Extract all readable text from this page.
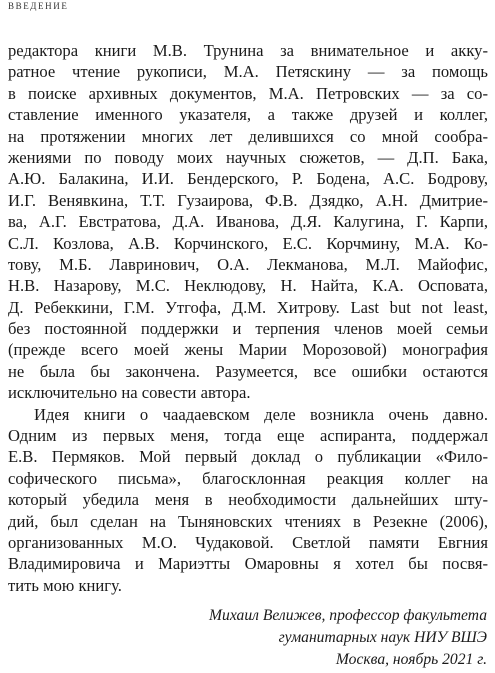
ВВЕДЕНИЕ
редактора книги М.В. Трунина за внимательное и акку-
ратное чтение рукописи, М.А. Петяскину — за помощь
в поиске архивных документов, М.А. Петровских — за со-
ставление именного указателя, а также друзей и коллег,
на протяжении многих лет делившихся со мной сообра-
жениями по поводу моих научных сюжетов, — Д.П. Бака,
А.Ю. Балакина, И.И. Бендерского, Р. Бодена, А.С. Бодрову,
И.Г. Венявкина, Т.Т. Гузаирова, Ф.В. Дзядко, А.Н. Дмитрие-
ва, А.Г. Евстратова, Д.А. Иванова, Д.Я. Калугина, Г. Карпи,
С.Л. Козлова, А.В. Корчинского, Е.С. Корчмину, М.А. Ко-
тову, М.Б. Лавринович, О.А. Лекманова, М.Л. Майофис,
Н.В. Назарову, М.С. Неклюдову, Н. Найта, К.А. Осповата,
Д. Ребеккини, Г.М. Утгофа, Д.М. Хитрову. Last but not least,
без постоянной поддержки и терпения членов моей семьи
(прежде всего моей жены Марии Морозовой) монография
не была бы закончена. Разумеется, все ошибки остаются
исключительно на совести автора.
Идея книги о чаадаевском деле возникла очень давно.
Одним из первых меня, тогда еще аспиранта, поддержал
Е.В. Пермяков. Мой первый доклад о публикации «Фило-
софического письма», благосклонная реакция коллег на
который убедила меня в необходимости дальнейших шту-
дий, был сделан на Тыняновских чтениях в Резекне (2006),
организованных М.О. Чудаковой. Светлой памяти Евгния
Владимировича и Мариэтты Омаровны я хотел бы посвя-
тить мою книгу.
Михаил Велижев, профессор факультета
гуманитарных наук НИУ ВШЭ
Москва, ноябрь 2021 г.
